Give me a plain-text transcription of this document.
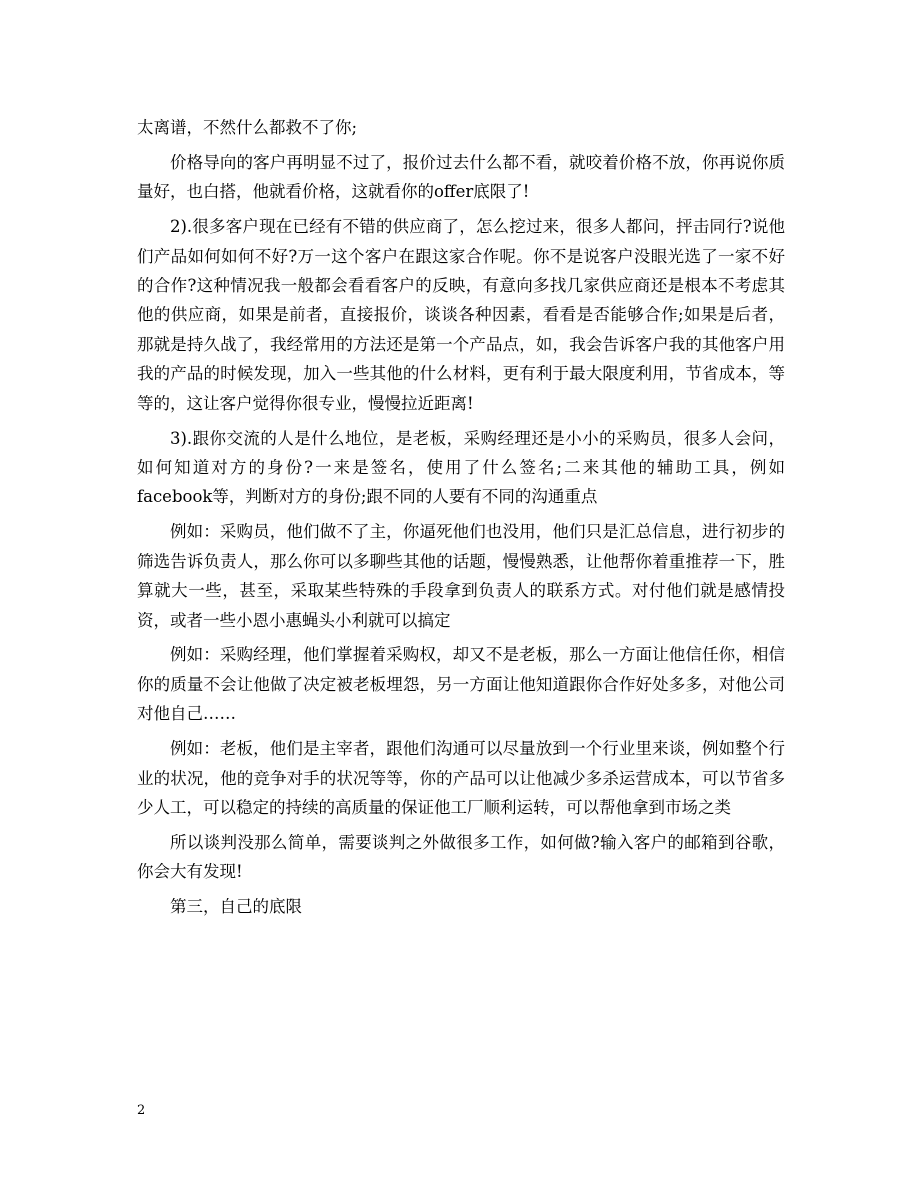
太离谱，不然什么都救不了你;

价格导向的客户再明显不过了，报价过去什么都不看，就咬着价格不放，你再说你质量好，也白搭，他就看价格，这就看你的offer底限了!

2).很多客户现在已经有不错的供应商了，怎么挖过来，很多人都问，抨击同行?说他们产品如何如何不好?万一这个客户在跟这家合作呢。你不是说客户没眼光选了一家不好的合作?这种情况我一般都会看看客户的反映，有意向多找几家供应商还是根本不考虑其他的供应商，如果是前者，直接报价，谈谈各种因素，看看是否能够合作;如果是后者，那就是持久战了，我经常用的方法还是第一个产品点，如，我会告诉客户我的其他客户用我的产品的时候发现，加入一些其他的什么材料，更有利于最大限度利用，节省成本，等等的，这让客户觉得你很专业，慢慢拉近距离!

3).跟你交流的人是什么地位，是老板，采购经理还是小小的采购员，很多人会问，如何知道对方的身份?一来是签名，使用了什么签名;二来其他的辅助工具，例如facebook等，判断对方的身份;跟不同的人要有不同的沟通重点

例如：采购员，他们做不了主，你逼死他们也没用，他们只是汇总信息，进行初步的筛选告诉负责人，那么你可以多聊些其他的话题，慢慢熟悉，让他帮你着重推荐一下，胜算就大一些，甚至，采取某些特殊的手段拿到负责人的联系方式。对付他们就是感情投资，或者一些小恩小惠蝇头小利就可以搞定

例如：采购经理，他们掌握着采购权，却又不是老板，那么一方面让他信任你，相信你的质量不会让他做了决定被老板埋怨，另一方面让他知道跟你合作好处多多，对他公司对他自己……

例如：老板，他们是主宰者，跟他们沟通可以尽量放到一个行业里来谈，例如整个行业的状况，他的竞争对手的状况等等，你的产品可以让他减少多杀运营成本，可以节省多少人工，可以稳定的持续的高质量的保证他工厂顺利运转，可以帮他拿到市场之类

所以谈判没那么简单，需要谈判之外做很多工作，如何做?输入客户的邮箱到谷歌，你会大有发现!

第三，自己的底限

2
